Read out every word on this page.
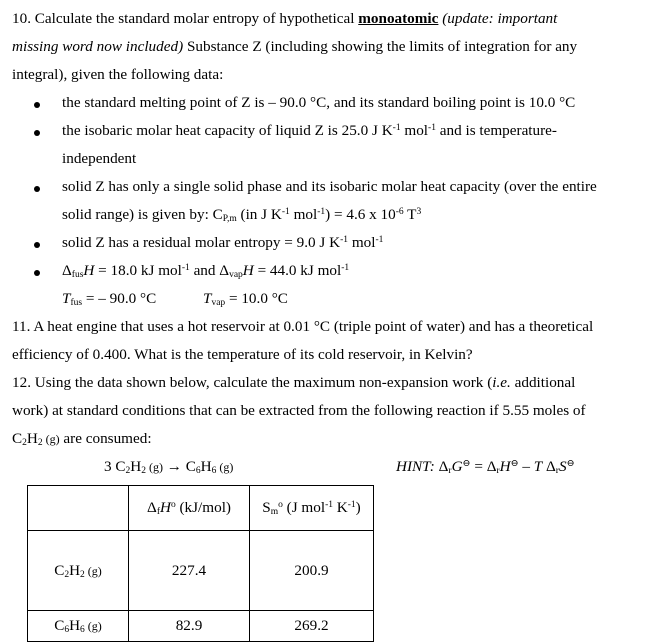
10. Calculate the standard molar entropy of hypothetical monoatomic (update: important
missing word now included) Substance Z (including showing the limits of integration for any
integral), given the following data:
the standard melting point of Z is – 90.0 °C, and its standard boiling point is 10.0 °C
the isobaric molar heat capacity of liquid Z is 25.0 J $K^{-1}$ mol$^{-1}$ and is temperature-
independent
solid Z has only a single solid phase and its isobaric molar heat capacity (over the entire
solid range) is given by: $C_{P,m}$ (in J $K^{-1}$ mol$^{-1}$) = 4.6 x $10^{-6}$ $T^3$
solid Z has a residual molar entropy = 9.0 J $K^{-1}$ mol$^{-1}$
$\Delta_{fus}H = 18.0$ kJ mol$^{-1}$ and $\Delta_{vap}H = 44.0$ kJ mol$^{-1}$
$T_{fus}$ = – 90.0 °C	$T_{vap} = 10.0$ °C
11. A heat engine that uses a hot reservoir at 0.01 °C (triple point of water) and has a theoretical
efficiency of 0.400. What is the temperature of its cold reservoir, in Kelvin?
12. Using the data shown below, calculate the maximum non-expansion work (i.e. additional
work) at standard conditions that can be extracted from the following reaction if 5.55 moles of
$C_2H_2$ (g) are consumed:
3 $C_2H_2$ $(g) \to C_6H_6$ (g)	HINT: $\Delta_rG^⊖ = \Delta_rH^⊖ - T$ $\Delta_rS^⊖$
	$\Delta_fH^o$ (kJ/mol)	$S_m^o$ (J mol$^{-1}$ $K^{-1}$)
$C_2H_2$ (g)	227.4	200.9
$C_6H_6$ (g)	82.9	269.2
